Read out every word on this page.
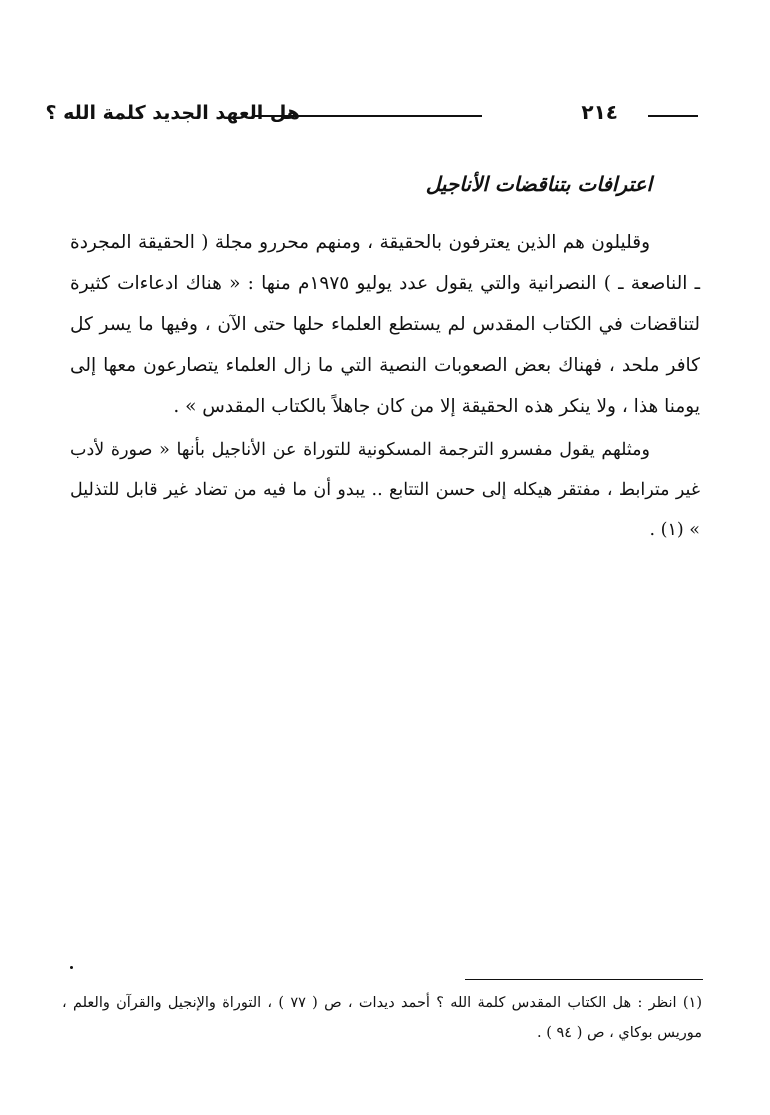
هل العهد الجديد كلمة الله ؟	٢١٤
اعترافات بتناقضات الأناجيل
وقليلون هم الذين يعترفون بالحقيقة ، ومنهم محررو مجلة ( الحقيقة المجردة ـ الناصعة ـ ) النصرانية والتي يقول عدد يوليو ١٩٧٥م منها : « هناك ادعاءات كثيرة لتناقضات في الكتاب المقدس لم يستطع العلماء حلها حتى الآن ، وفيها ما يسر كل كافر ملحد ، فهناك بعض الصعوبات النصية التي ما زال العلماء يتصارعون معها إلى يومنا هذا ، ولا ينكر هذه الحقيقة إلا من كان جاهلاً بالكتاب المقدس » .
ومثلهم يقول مفسرو الترجمة المسكونية للتوراة عن الأناجيل بأنها « صورة لأدب غير مترابط ، مفتقر هيكله إلى حسن التتابع .. يبدو أن ما فيه من تضاد غير قابل للتذليل » (١) .
(١) انظر : هل الكتاب المقدس كلمة الله ؟ أحمد ديدات ، ص ( ٧٧ ) ، التوراة والإنجيل والقرآن والعلم ، موريس بوكاي ، ص ( ٩٤ ) .
